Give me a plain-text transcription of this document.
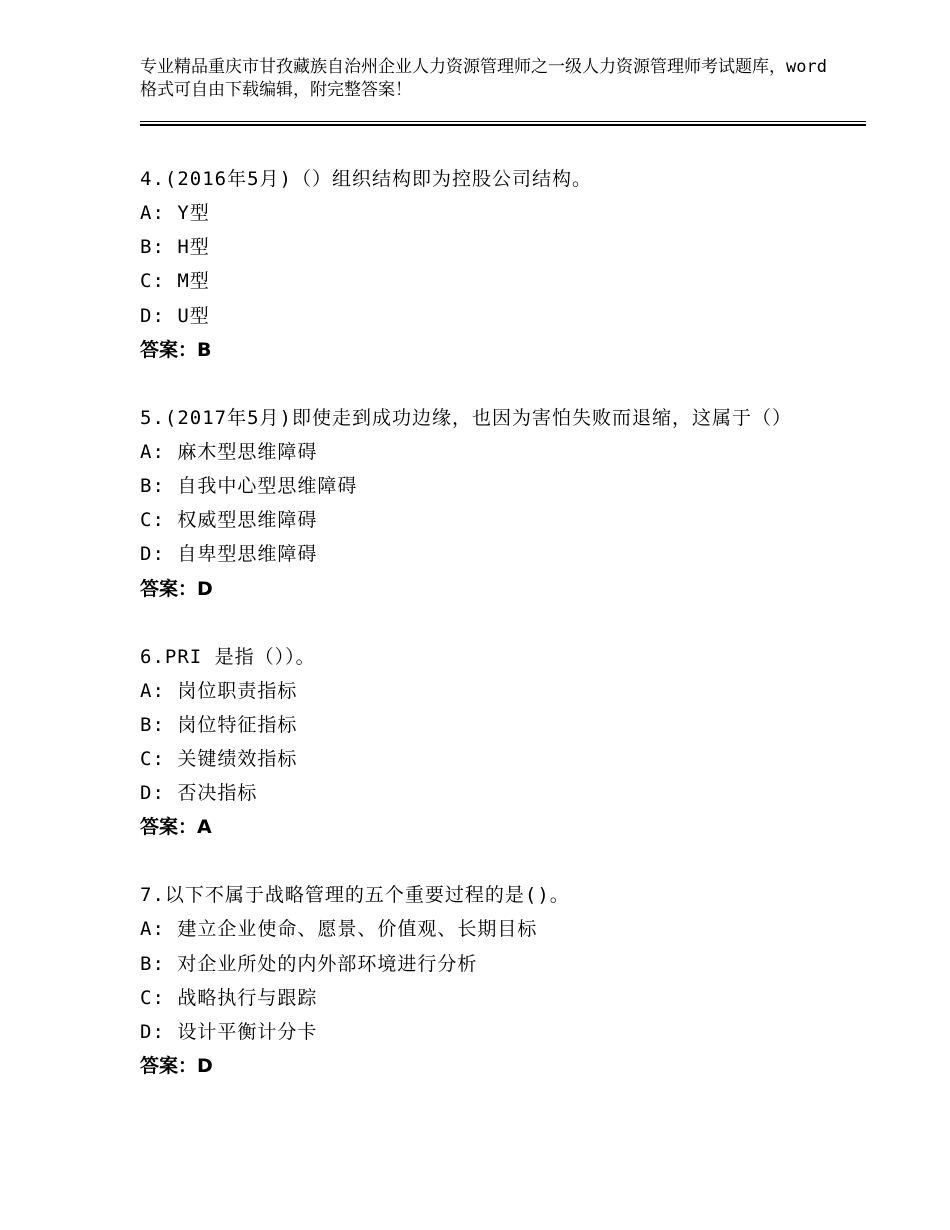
专业精品重庆市甘孜藏族自治州企业人力资源管理师之一级人力资源管理师考试题库，word格式可自由下载编辑，附完整答案！

4.(2016年5月)（）组织结构即为控股公司结构。

A: Y型

B: H型

C: M型

D: U型

答案：B

5.(2017年5月)即使走到成功边缘，也因为害怕失败而退缩，这属于（）

A: 麻木型思维障碍

B: 自我中心型思维障碍

C: 权威型思维障碍

D: 自卑型思维障碍

答案：D

6.PRI 是指（））。

A: 岗位职责指标

B: 岗位特征指标

C: 关键绩效指标

D: 否决指标

答案：A

7.以下不属于战略管理的五个重要过程的是()。

A: 建立企业使命、愿景、价值观、长期目标

B: 对企业所处的内外部环境进行分析

C: 战略执行与跟踪

D: 设计平衡计分卡

答案：D
